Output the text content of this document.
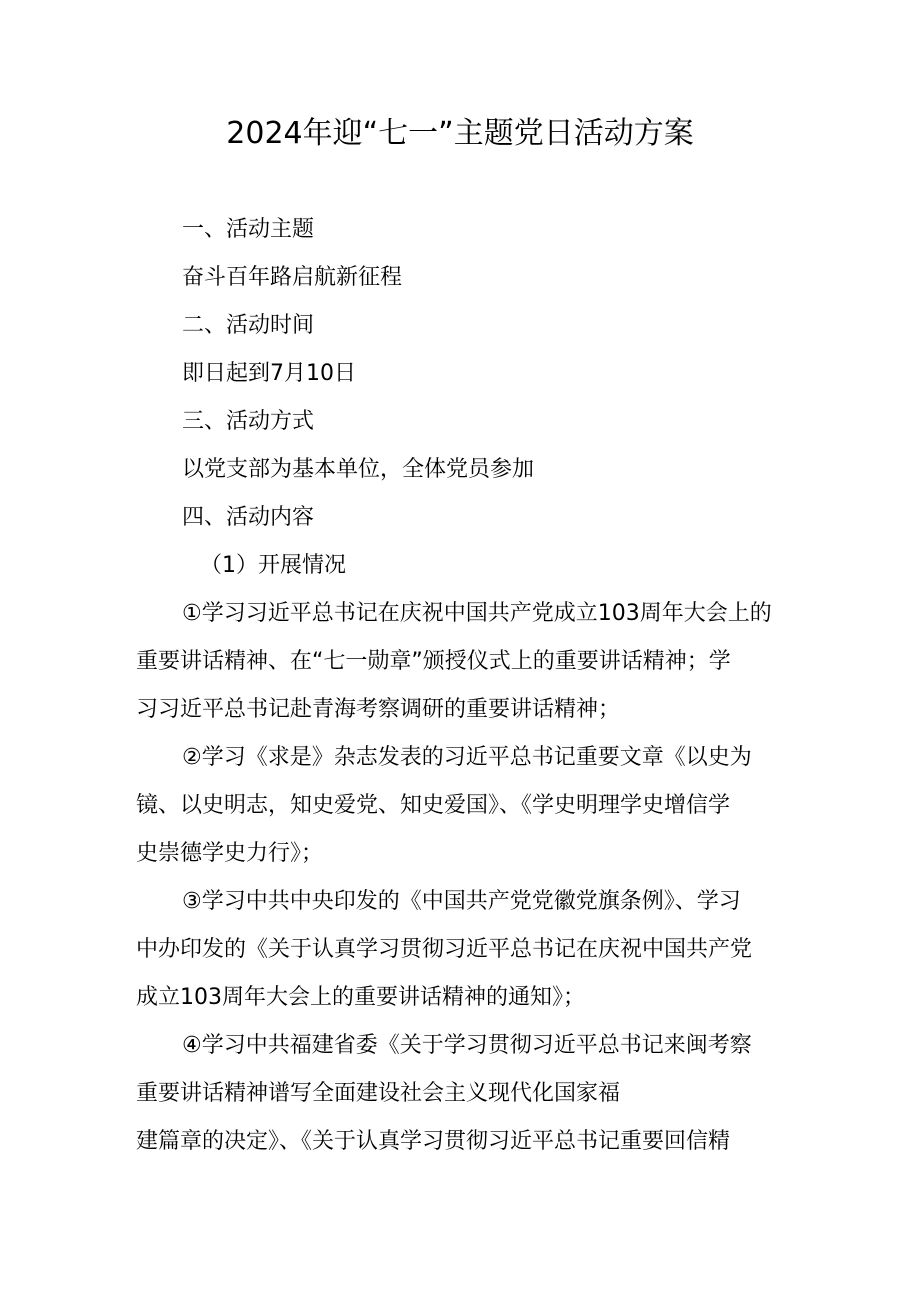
2024年迎“七一”主题党日活动方案

一、活动主题

奋斗百年路启航新征程

二、活动时间

即日起到7月10日

三、活动方式

以党支部为基本单位，全体党员参加

四、活动内容

（1）开展情况

①学习习近平总书记在庆祝中国共产党成立103周年大会上的

重要讲话精神、在“七一勋章”颁授仪式上的重要讲话精神；学

习习近平总书记赴青海考察调研的重要讲话精神；

②学习《求是》杂志发表的习近平总书记重要文章《以史为

镜、以史明志，知史爱党、知史爱国》、《学史明理学史增信学

史崇德学史力行》；

③学习中共中央印发的《中国共产党党徽党旗条例》、学习

中办印发的《关于认真学习贯彻习近平总书记在庆祝中国共产党

成立103周年大会上的重要讲话精神的通知》；

④学习中共福建省委《关于学习贯彻习近平总书记来闽考察

重要讲话精神谱写全面建设社会主义现代化国家福

建篇章的决定》、《关于认真学习贯彻习近平总书记重要回信精
